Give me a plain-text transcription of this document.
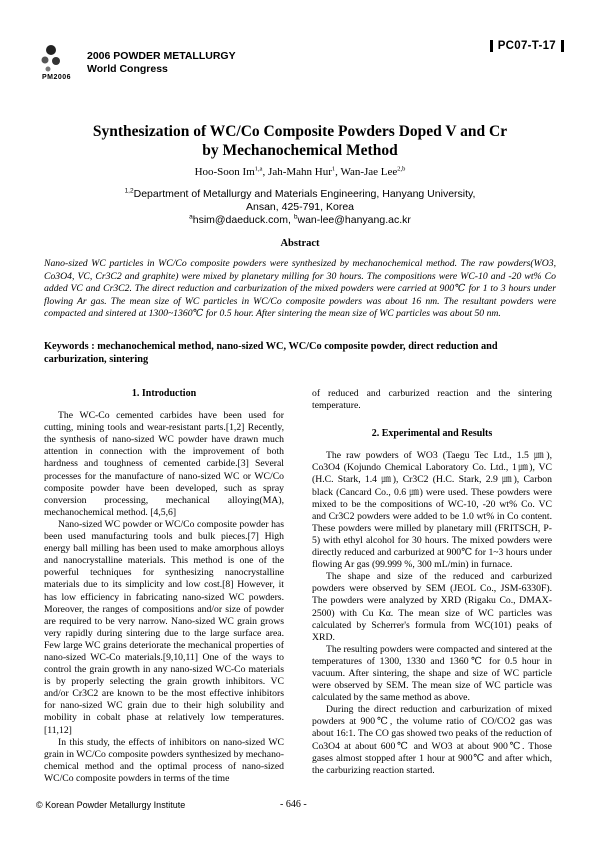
2006 POWDER METALLURGY
World Congress
PM2006
PC07-T-17
Synthesization of WC/Co Composite Powders Doped V and Cr
by Mechanochemical Method
Hoo-Soon Im$^{1,a}$, Jah-Mahn Hur$^1$, Wan-Jae Lee$^{2,b}$
$^{1,2}$Department of Metallurgy and Materials Engineering, Hanyang University,
Ansan, 425-791, Korea
$^a$hsim@daeduck.com, $^b$wan-lee@hanyang.ac.kr
Abstract
Nano-sized WC particles in WC/Co composite powders were synthesized by mechanochemical method. The raw powders(WO3, Co3O4, VC, Cr3C2 and graphite) were mixed by planetary milling for 30 hours. The compositions were WC-10 and -20 wt% Co added VC and Cr3C2. The direct reduction and carburization of the mixed powders were carried at 900℃ for 1 to 3 hours under flowing Ar gas. The mean size of WC particles in WC/Co composite powders was about 16 nm. The resultant powders were compacted and sintered at 1300~1360℃ for 0.5 hour. After sintering the mean size of WC particles was about 50 nm.
Keywords : mechanochemical method, nano-sized WC, WC/Co composite powder, direct reduction and carburization, sintering

1. Introduction

The WC-Co cemented carbides have been used for cutting, mining tools and wear-resistant parts.[1,2] Recently, the synthesis of nano-sized WC powder have drawn much attention in connection with the improvement of both hardness and toughness of cemented carbide.[3] Several processes for the manufacture of nano-sized WC or WC/Co composite powder have been developed, such as spray conversion processing, mechanical alloying(MA), mechanochemical method. [4,5,6]

Nano-sized WC powder or WC/Co composite powder has been used manufacturing tools and bulk pieces.[7] High energy ball milling has been used to make amorphous alloys and nanocrystalline materials. This method is one of the powerful techniques for synthesizing nanocrystalline materials due to its simplicity and low cost.[8] However, it has low efficiency in fabricating nano-sized WC powders. Moreover, the ranges of compositions and/or size of powder are required to be very narrow. Nano-sized WC grain grows very rapidly during sintering due to the large surface area. Few large WC grains deteriorate the mechanical properties of nano-sized WC-Co materials.[9,10,11] One of the ways to control the grain growth in any nano-sized WC-Co materials is by properly selecting the grain growth inhibitors. VC and/or Cr3C2 are known to be the most effective inhibitors for nano-sized WC grain due to their high solubility and mobility in cobalt phase at relatively low temperatures.[11,12]

In this study, the effects of inhibitors on nano-sized WC grain in WC/Co composite powders synthesized by mechano-chemical method and the optimal process of nano-sized WC/Co composite powders in terms of the time

of reduced and carburized reaction and the sintering temperature.

2. Experimental and Results

The raw powders of WO3 (Taegu Tec Ltd., 1.5 ㎛), Co3O4 (Kojundo Chemical Laboratory Co. Ltd., 1㎛), VC (H.C. Stark, 1.4 ㎛), Cr3C2 (H.C. Stark, 2.9 ㎛), Carbon black (Cancard Co., 0.6 ㎛) were used. These powders were mixed to be the compositions of WC-10, -20 wt% Co. VC and Cr3C2 powders were added to be 1.0 wt% in Co content. These powders were milled by planetary mill (FRITSCH, P-5) with ethyl alcohol for 30 hours. The mixed powders were directly reduced and carburized at 900℃ for 1~3 hours under flowing Ar gas (99.999 %, 300 mL/min) in furnace.

The shape and size of the reduced and carburized powders were observed by SEM (JEOL Co., JSM-6330F). The powders were analyzed by XRD (Rigaku Co., DMAX-2500) with Cu Kα. The mean size of WC particles was calculated by Scherrer's formula from WC(101) peaks of XRD.

The resulting powders were compacted and sintered at the temperatures of 1300, 1330 and 1360℃ for 0.5 hour in vacuum. After sintering, the shape and size of WC particle were observed by SEM. The mean size of WC particle was calculated by the same method as above.

During the direct reduction and carburization of mixed powders at 900℃, the volume ratio of CO/CO2 gas was about 16:1. The CO gas showed two peaks of the reduction of Co3O4 at about 600℃ and WO3 at about 900℃. Those gases almost stopped after 1 hour at 900℃ and after which, the carburizing reaction started.

© Korean Powder Metallurgy Institute	- 646 -
